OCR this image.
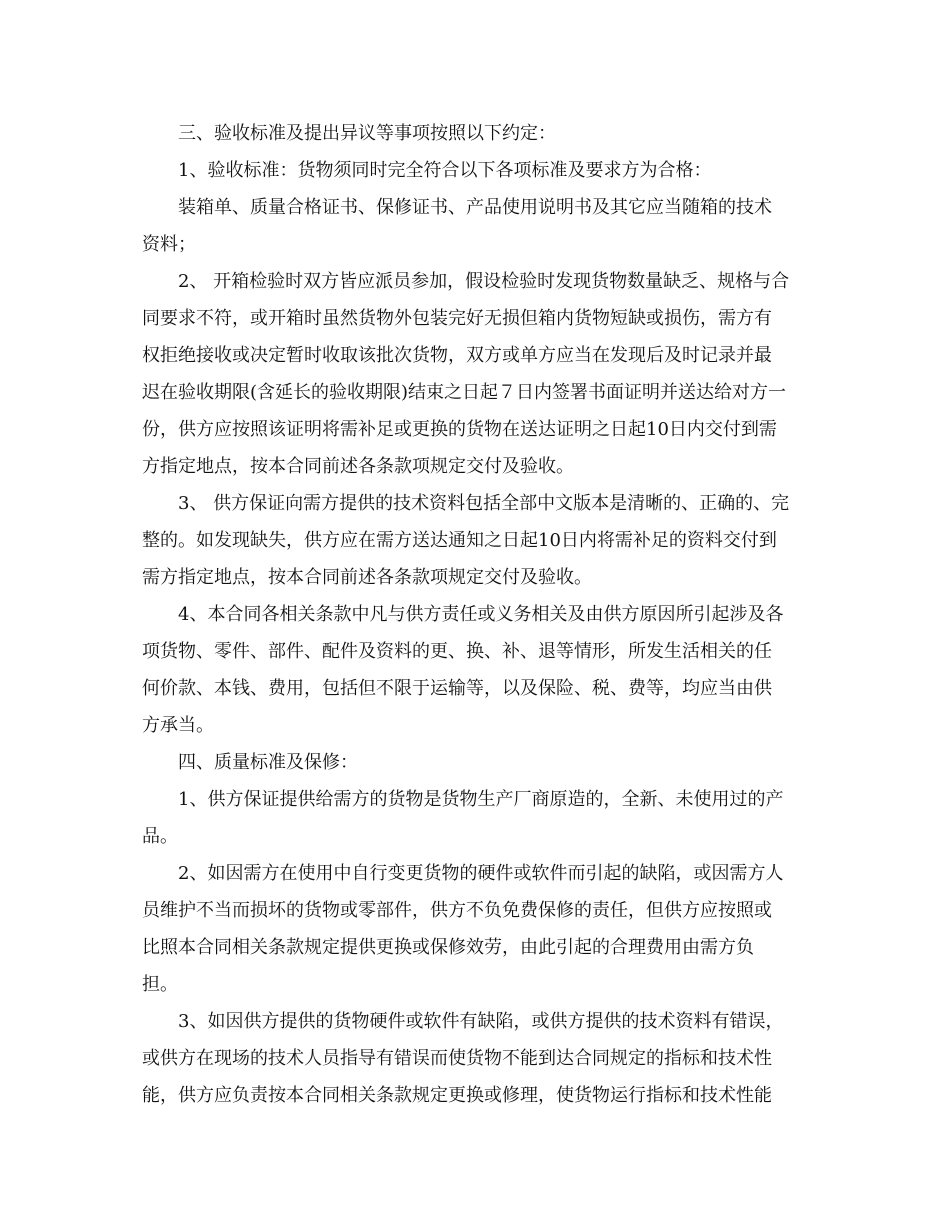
三、验收标准及提出异议等事项按照以下约定：

1、验收标准：货物须同时完全符合以下各项标准及要求方为合格：

装箱单、质量合格证书、保修证书、产品使用说明书及其它应当随箱的技术

资料；

2、 开箱检验时双方皆应派员参加，假设检验时发现货物数量缺乏、规格与合

同要求不符，或开箱时虽然货物外包装完好无损但箱内货物短缺或损伤，需方有

权拒绝接收或决定暂时收取该批次货物，双方或单方应当在发现后及时记录并最

迟在验收期限(含延长的验收期限)结束之日起７日内签署书面证明并送达给对方一

份，供方应按照该证明将需补足或更换的货物在送达证明之日起10日内交付到需

方指定地点，按本合同前述各条款项规定交付及验收。

3、 供方保证向需方提供的技术资料包括全部中文版本是清晰的、正确的、完

整的。如发现缺失，供方应在需方送达通知之日起10日内将需补足的资料交付到

需方指定地点，按本合同前述各条款项规定交付及验收。

4、本合同各相关条款中凡与供方责任或义务相关及由供方原因所引起涉及各

项货物、零件、部件、配件及资料的更、换、补、退等情形，所发生活相关的任

何价款、本钱、费用，包括但不限于运输等，以及保险、税、费等，均应当由供

方承当。

四、质量标准及保修：

1、供方保证提供给需方的货物是货物生产厂商原造的，全新、未使用过的产

品。

2、如因需方在使用中自行变更货物的硬件或软件而引起的缺陷，或因需方人

员维护不当而损坏的货物或零部件，供方不负免费保修的责任，但供方应按照或

比照本合同相关条款规定提供更换或保修效劳，由此引起的合理费用由需方负

担。

3、如因供方提供的货物硬件或软件有缺陷，或供方提供的技术资料有错误，

或供方在现场的技术人员指导有错误而使货物不能到达合同规定的指标和技术性

能，供方应负责按本合同相关条款规定更换或修理，使货物运行指标和技术性能
